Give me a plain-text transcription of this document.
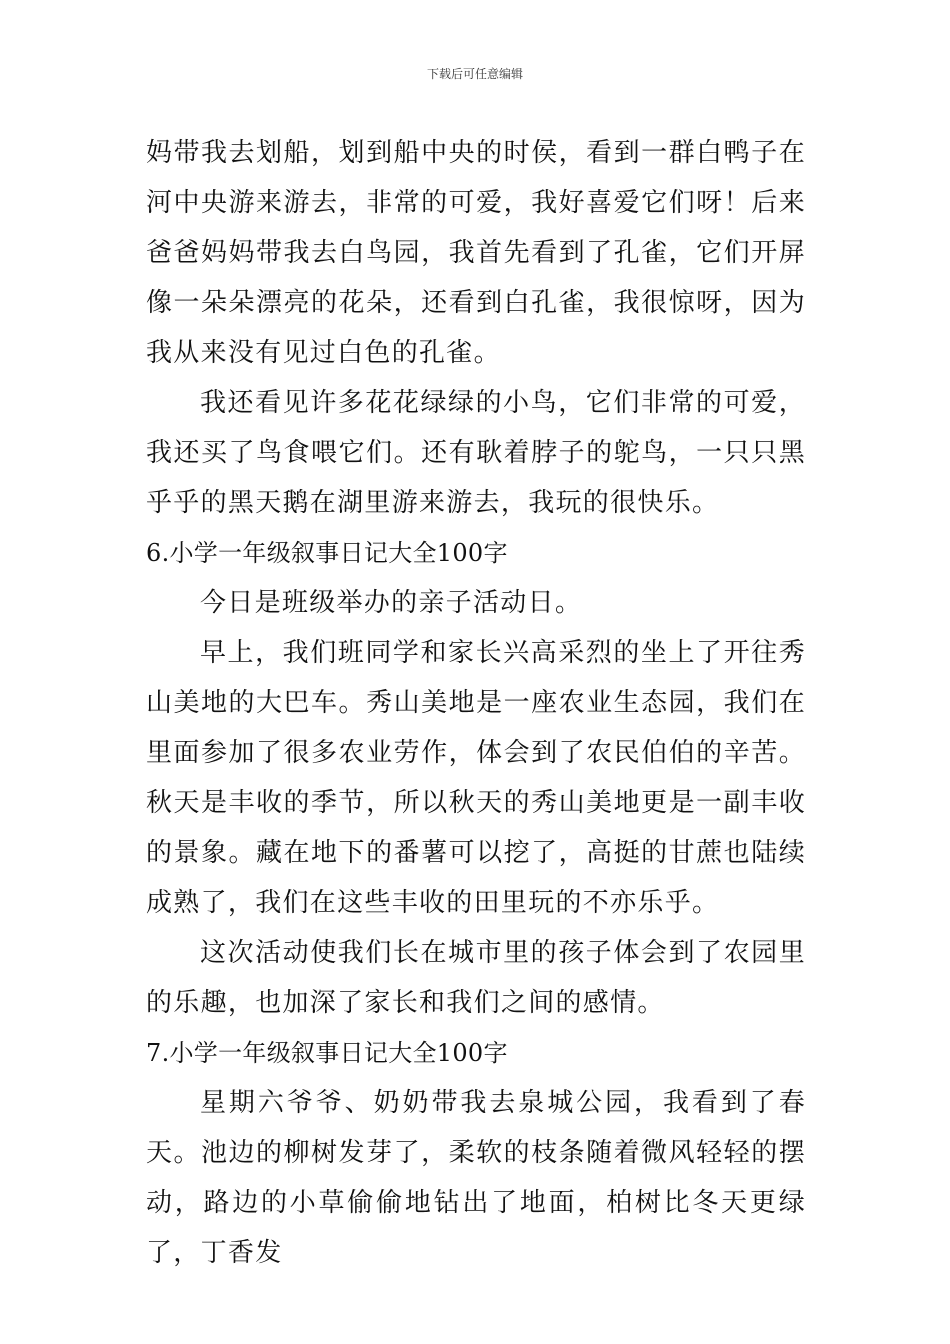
下载后可任意编辑

妈带我去划船，划到船中央的时侯，看到一群白鸭子在河中央游来游去，非常的可爱，我好喜爱它们呀！后来爸爸妈妈带我去白鸟园，我首先看到了孔雀，它们开屏像一朵朵漂亮的花朵，还看到白孔雀，我很惊呀，因为我从来没有见过白色的孔雀。

我还看见许多花花绿绿的小鸟，它们非常的可爱，我还买了鸟食喂它们。还有耿着脖子的鸵鸟，一只只黑乎乎的黑天鹅在湖里游来游去，我玩的很快乐。

6.小学一年级叙事日记大全100字

今日是班级举办的亲子活动日。

早上，我们班同学和家长兴高采烈的坐上了开往秀山美地的大巴车。秀山美地是一座农业生态园，我们在里面参加了很多农业劳作，体会到了农民伯伯的辛苦。秋天是丰收的季节，所以秋天的秀山美地更是一副丰收的景象。藏在地下的番薯可以挖了，高挺的甘蔗也陆续成熟了，我们在这些丰收的田里玩的不亦乐乎。

这次活动使我们长在城市里的孩子体会到了农园里的乐趣，也加深了家长和我们之间的感情。

7.小学一年级叙事日记大全100字

星期六爷爷、奶奶带我去泉城公园，我看到了春天。池边的柳树发芽了，柔软的枝条随着微风轻轻的摆动，路边的小草偷偷地钻出了地面，柏树比冬天更绿了，丁香发
